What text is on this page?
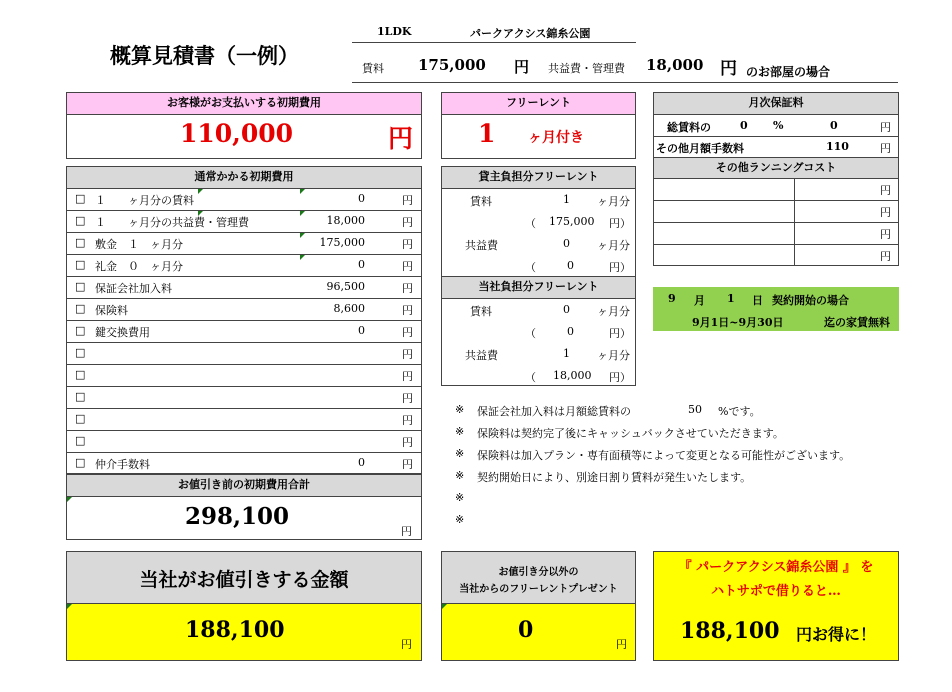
概算見積書（一例）
1LDK	パークアクシス錦糸公園
賃料 175,000 円 共益費・管理費 18,000 円 のお部屋の場合
お客様がお支払いする初期費用
110,000	円
フリーレント
1 ヶ月付き
月次保証料
総賃料の	0 %	0	円
その他月額手数料	110	円
その他ランニングコスト
円
円
円
円
9 月 1 日 契約開始の場合
9月1日~9月30日	迄の家賃無料
通常かかる初期費用
□ １　　ヶ月分の賃料	0	円
□ １　　ヶ月分の共益費・管理費	18,000	円
□ 敷金　１　ヶ月分	175,000	円
□ 礼金　０　ヶ月分	0	円
□ 保証会社加入料	96,500	円
□ 保険料	8,600	円
□ 鍵交換費用	0	円
□	円
□	円
□	円
□	円
□	円
□ 仲介手数料	0	円
お値引き前の初期費用合計
298,100
円
貸主負担分フリーレント
賃料	1 ヶ月分
（ 175,000 円）
共益費	0 ヶ月分
（	0	円）
当社負担分フリーレント
賃料	0 ヶ月分
（	0	円）
共益費	1 ヶ月分
（ 18,000 円）
※ 保証会社加入料は月額総賃料の	50 %です。
※ 保険料は契約完了後にキャッシュバックさせていただきます。
※ 保険料は加入プラン・専有面積等によって変更となる可能性がございます。
※ 契約開始日により、別途日割り賃料が発生いたします。
※
※
当社がお値引きする金額
188,100
円
お値引き分以外の
当社からのフリーレントプレゼント
0
円
『 パークアクシス錦糸公園 』 を
ハトサポで借りると…
188,100 円お得に！
